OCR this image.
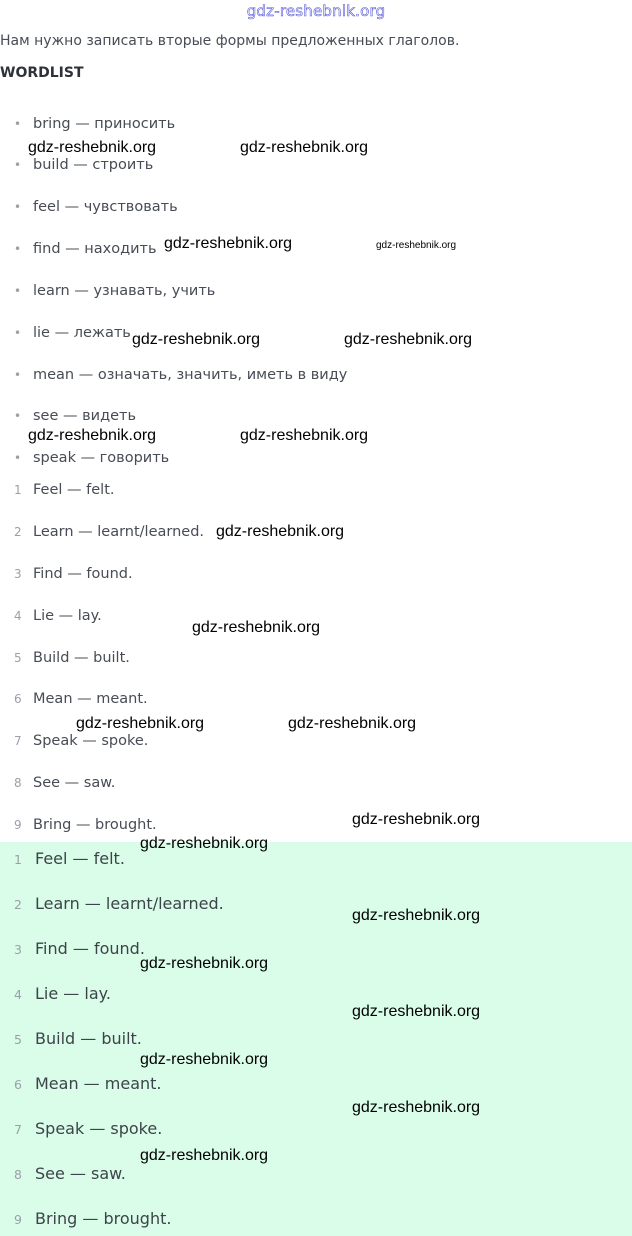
gdz-reshebnik.org
Нам нужно записать вторые формы предложенных глаголов.
WORDLIST
• bring — приносить
• build — строить
• feel — чувствовать
• find — находить
• learn — узнавать, учить
• lie — лежать
• mean — означать, значить, иметь в виду
• see — видеть
• speak — говорить
1 Feel — felt.
2 Learn — learnt/learned.
3 Find — found.
4 Lie — lay.
5 Build — built.
6 Mean — meant.
7 Speak — spoke.
8 See — saw.
9 Bring — brought.
1 Feel — felt.
2 Learn — learnt/learned.
3 Find — found.
4 Lie — lay.
5 Build — built.
6 Mean — meant.
7 Speak — spoke.
8 See — saw.
9 Bring — brought.
gdz-reshebnik.org	gdz-reshebnik.org
gdz-reshebnik.org	gdz-reshebnik.org
gdz-reshebnik.org	gdz-reshebnik.org
gdz-reshebnik.org	gdz-reshebnik.org
gdz-reshebnik.org
gdz-reshebnik.org
gdz-reshebnik.org	gdz-reshebnik.org
gdz-reshebnik.org
gdz-reshebnik.org
gdz-reshebnik.org
gdz-reshebnik.org
gdz-reshebnik.org
gdz-reshebnik.org
gdz-reshebnik.org
gdz-reshebnik.org
